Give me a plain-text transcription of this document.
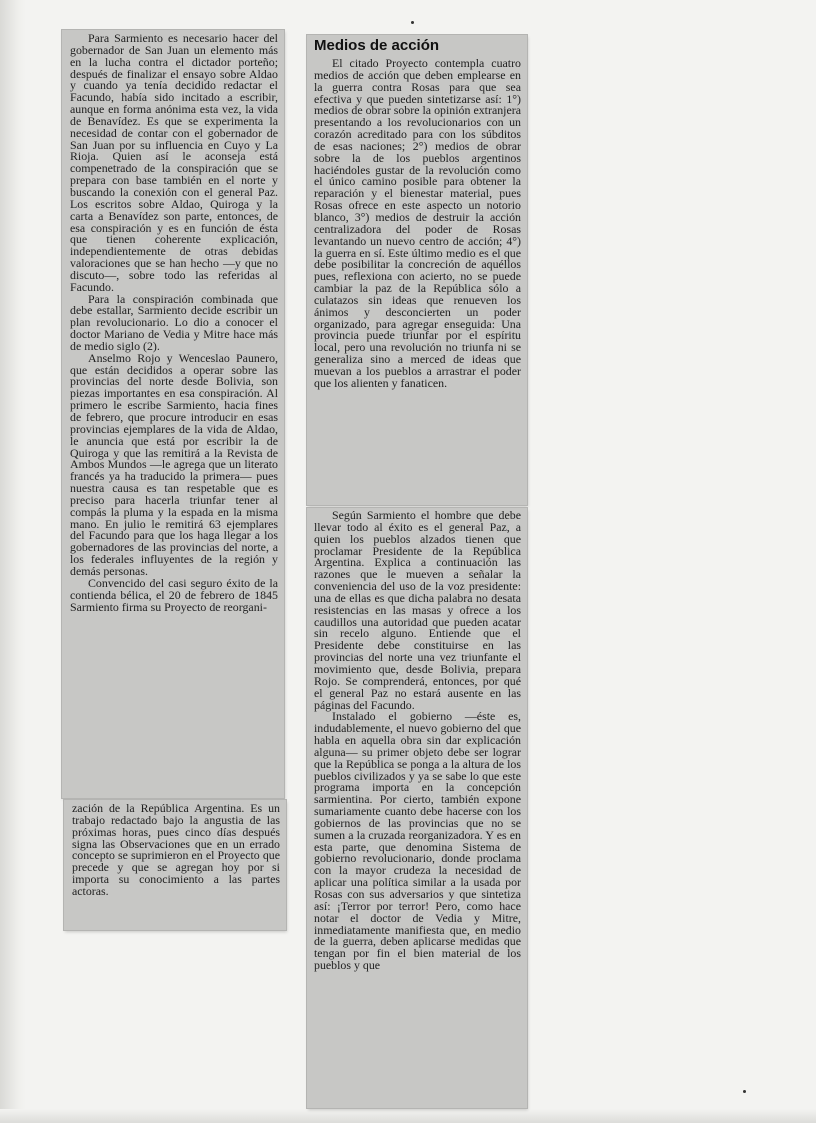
Para Sarmiento es necesario hacer del gobernador de San Juan un elemento más en la lucha contra el dictador porteño; después de finalizar el ensayo sobre Aldao y cuando ya tenía decidido redactar el Facundo, había sido incitado a escribir, aunque en forma anónima esta vez, la vida de Benavídez. Es que se experimenta la necesidad de contar con el gobernador de San Juan por su influencia en Cuyo y La Rioja. Quien así le aconseja está compenetrado de la conspiración que se prepara con base también en el norte y buscando la conexión con el general Paz. Los escritos sobre Aldao, Quiroga y la carta a Benavídez son parte, entonces, de esa conspiración y es en función de ésta que tienen coherente explicación, independientemente de otras debidas valoraciones que se han hecho —y que no discuto—, sobre todo las referidas al Facundo.

Para la conspiración combinada que debe estallar, Sarmiento decide escribir un plan revolucionario. Lo dio a conocer el doctor Mariano de Vedia y Mitre hace más de medio siglo (2).

Anselmo Rojo y Wenceslao Paunero, que están decididos a operar sobre las provincias del norte desde Bolivia, son piezas importantes en esa conspiración. Al primero le escribe Sarmiento, hacia fines de febrero, que procure introducir en esas provincias ejemplares de la vida de Aldao, le anuncia que está por escribir la de Quiroga y que las remitirá a la Revista de Ambos Mundos —le agrega que un literato francés ya ha traducido la primera— pues nuestra causa es tan respetable que es preciso para hacerla triunfar tener al compás la pluma y la espada en la misma mano. En julio le remitirá 63 ejemplares del Facundo para que los haga llegar a los gobernadores de las provincias del norte, a los federales influyentes de la región y demás personas.

Convencido del casi seguro éxito de la contienda bélica, el 20 de febrero de 1845 Sarmiento firma su Proyecto de reorgani-

zación de la República Argentina. Es un trabajo redactado bajo la angustia de las próximas horas, pues cinco días después signa las Observaciones que en un errado concepto se suprimieron en el Proyecto que precede y que se agregan hoy por si importa su conocimiento a las partes actoras.

Medios de acción

El citado Proyecto contempla cuatro medios de acción que deben emplearse en la guerra contra Rosas para que sea efectiva y que pueden sintetizarse así: 1°) medios de obrar sobre la opinión extranjera presentando a los revolucionarios con un corazón acreditado para con los súbditos de esas naciones; 2°) medios de obrar sobre la de los pueblos argentinos haciéndoles gustar de la revolución como el único camino posible para obtener la reparación y el bienestar material, pues Rosas ofrece en este aspecto un notorio blanco, 3°) medios de destruir la acción centralizadora del poder de Rosas levantando un nuevo centro de acción; 4°) la guerra en sí. Este último medio es el que debe posibilitar la concreción de aquéllos pues, reflexiona con acierto, no se puede cambiar la paz de la República sólo a culatazos sin ideas que renueven los ánimos y desconcierten un poder organizado, para agregar enseguida: Una provincia puede triunfar por el espíritu local, pero una revolución no triunfa ni se generaliza sino a merced de ideas que muevan a los pueblos a arrastrar el poder que los alienten y fanaticen.

Según Sarmiento el hombre que debe llevar todo al éxito es el general Paz, a quien los pueblos alzados tienen que proclamar Presidente de la República Argentina. Explica a continuación las razones que le mueven a señalar la conveniencia del uso de la voz presidente: una de ellas es que dicha palabra no desata resistencias en las masas y ofrece a los caudillos una autoridad que pueden acatar sin recelo alguno. Entiende que el Presidente debe constituirse en las provincias del norte una vez triunfante el movimiento que, desde Bolivia, prepara Rojo. Se comprenderá, entonces, por qué el general Paz no estará ausente en las páginas del Facundo.

Instalado el gobierno —éste es, indudablemente, el nuevo gobierno del que habla en aquella obra sin dar explicación alguna— su primer objeto debe ser lograr que la República se ponga a la altura de los pueblos civilizados y ya se sabe lo que este programa importa en la concepción sarmientina. Por cierto, también expone sumariamente cuanto debe hacerse con los gobiernos de las provincias que no se sumen a la cruzada reorganizadora. Y es en esta parte, que denomina Sistema de gobierno revolucionario, donde proclama con la mayor crudeza la necesidad de aplicar una política similar a la usada por Rosas con sus adversarios y que sintetiza así: ¡Terror por terror! Pero, como hace notar el doctor de Vedia y Mitre, inmediatamente manifiesta que, en medio de la guerra, deben aplicarse medidas que tengan por fin el bien material de los pueblos y que
